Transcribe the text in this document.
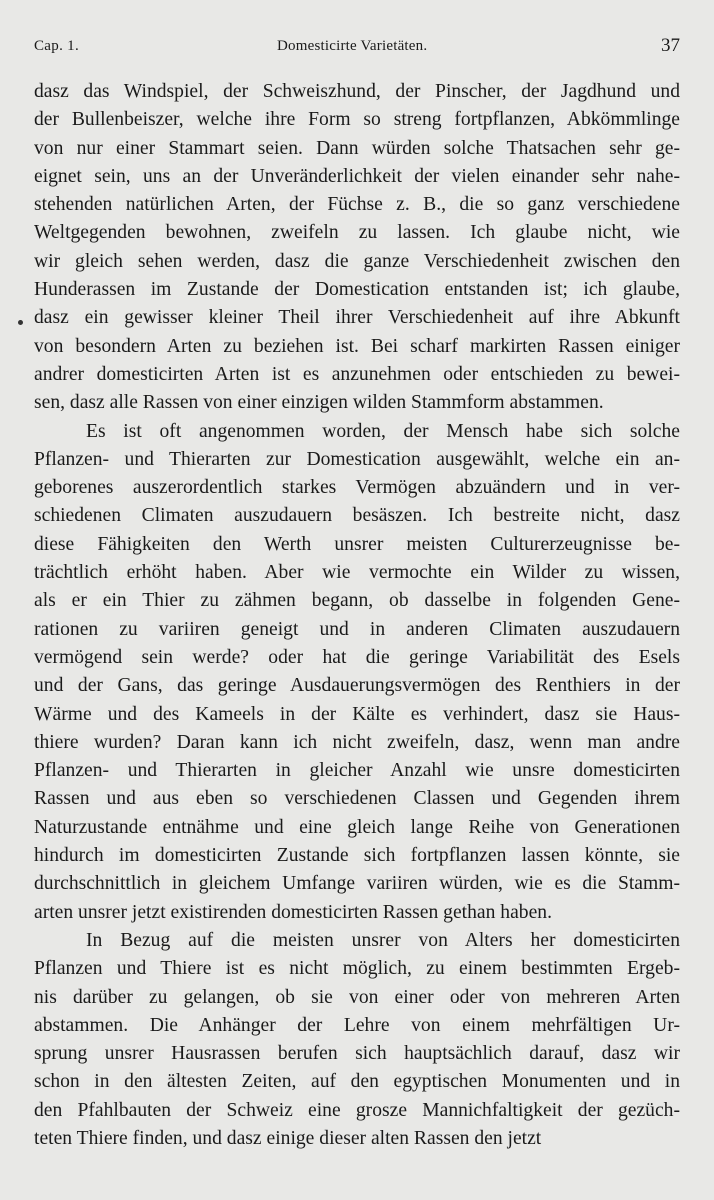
Cap. 1.	Domesticirte Varietäten.	37
dasz das Windspiel, der Schweiszhund, der Pinscher, der Jagdhund und
der Bullenbeiszer, welche ihre Form so streng fortpflanzen, Abkömmlinge
von nur einer Stammart seien. Dann würden solche Thatsachen sehr ge-
eignet sein, uns an der Unveränderlichkeit der vielen einander sehr nahe-
stehenden natürlichen Arten, der Füchse z. B., die so ganz verschiedene
Weltgegenden bewohnen, zweifeln zu lassen. Ich glaube nicht, wie
wir gleich sehen werden, dasz die ganze Verschiedenheit zwischen den
Hunderassen im Zustande der Domestication entstanden ist; ich glaube,
dasz ein gewisser kleiner Theil ihrer Verschiedenheit auf ihre Abkunft
von besondern Arten zu beziehen ist. Bei scharf markirten Rassen einiger
andrer domesticirten Arten ist es anzunehmen oder entschieden zu bewei-
sen, dasz alle Rassen von einer einzigen wilden Stammform abstammen.
Es ist oft angenommen worden, der Mensch habe sich solche
Pflanzen- und Thierarten zur Domestication ausgewählt, welche ein an-
geborenes auszerordentlich starkes Vermögen abzuändern und in ver-
schiedenen Climaten auszudauern besäszen. Ich bestreite nicht, dasz
diese Fähigkeiten den Werth unsrer meisten Culturerzeugnisse be-
trächtlich erhöht haben. Aber wie vermochte ein Wilder zu wissen,
als er ein Thier zu zähmen begann, ob dasselbe in folgenden Gene-
rationen zu variiren geneigt und in anderen Climaten auszudauern
vermögend sein werde? oder hat die geringe Variabilität des Esels
und der Gans, das geringe Ausdauerungsvermögen des Renthiers in der
Wärme und des Kameels in der Kälte es verhindert, dasz sie Haus-
thiere wurden? Daran kann ich nicht zweifeln, dasz, wenn man andre
Pflanzen- und Thierarten in gleicher Anzahl wie unsre domesticirten
Rassen und aus eben so verschiedenen Classen und Gegenden ihrem
Naturzustande entnähme und eine gleich lange Reihe von Generationen
hindurch im domesticirten Zustande sich fortpflanzen lassen könnte, sie
durchschnittlich in gleichem Umfange variiren würden, wie es die Stamm-
arten unsrer jetzt existirenden domesticirten Rassen gethan haben.
In Bezug auf die meisten unsrer von Alters her domesticirten
Pflanzen und Thiere ist es nicht möglich, zu einem bestimmten Ergeb-
nis darüber zu gelangen, ob sie von einer oder von mehreren Arten
abstammen. Die Anhänger der Lehre von einem mehrfältigen Ur-
sprung unsrer Hausrassen berufen sich hauptsächlich darauf, dasz wir
schon in den ältesten Zeiten, auf den egyptischen Monumenten und in
den Pfahlbauten der Schweiz eine grosze Mannichfaltigkeit der gezüch-
teten Thiere finden, und dasz einige dieser alten Rassen den jetzt
